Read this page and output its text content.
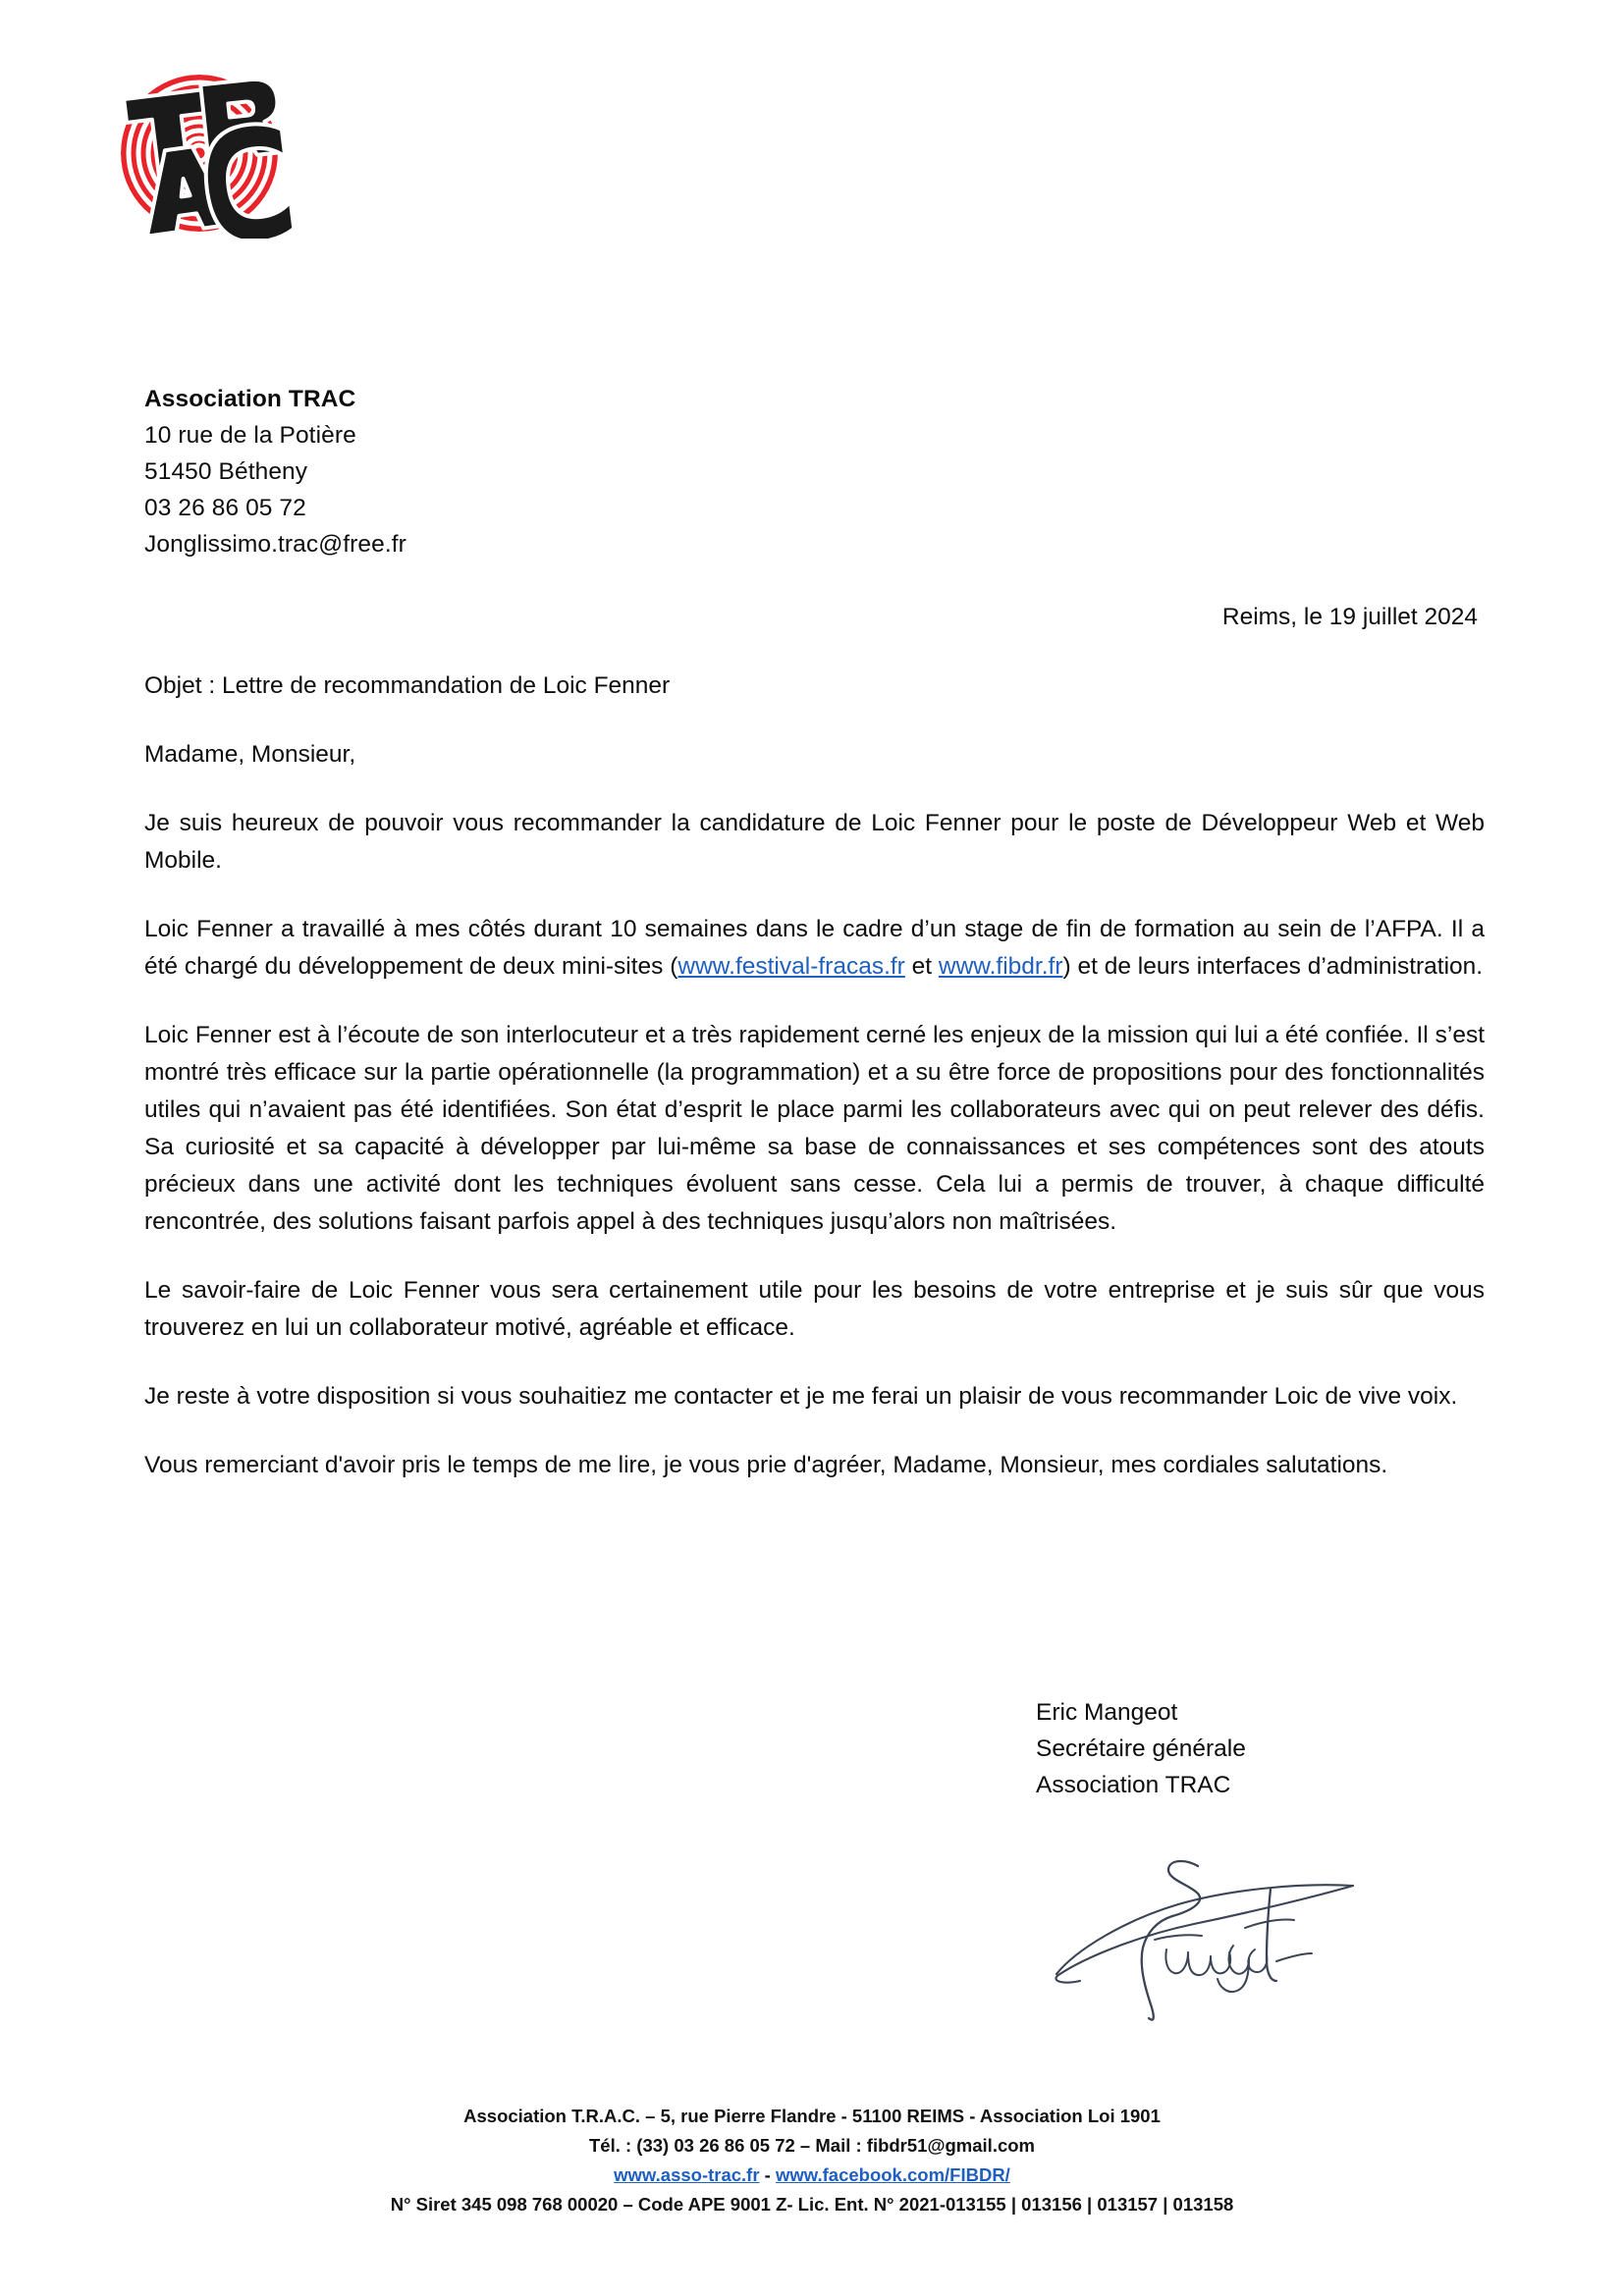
Association TRAC
10 rue de la Potière
51450 Bétheny
03 26 86 05 72
Jonglissimo.trac@free.fr
Reims, le 19 juillet 2024

Objet : Lettre de recommandation de Loic Fenner

Madame, Monsieur,

Je suis heureux de pouvoir vous recommander la candidature de Loic Fenner pour le poste de Développeur Web et Web Mobile.

Loic Fenner a travaillé à mes côtés durant 10 semaines dans le cadre d’un stage de fin de formation au sein de l’AFPA. Il a été chargé du développement de deux mini-sites (www.festival-fracas.fr et www.fibdr.fr) et de leurs interfaces d’administration.

Loic Fenner est à l’écoute de son interlocuteur et a très rapidement cerné les enjeux de la mission qui lui a été confiée. Il s’est montré très efficace sur la partie opérationnelle (la programmation) et a su être force de propositions pour des fonctionnalités utiles qui n’avaient pas été identifiées. Son état d’esprit le place parmi les collaborateurs avec qui on peut relever des défis. Sa curiosité et sa capacité à développer par lui-même sa base de connaissances et ses compétences sont des atouts précieux dans une activité dont les techniques évoluent sans cesse. Cela lui a permis de trouver, à chaque difficulté rencontrée, des solutions faisant parfois appel à des techniques jusqu’alors non maîtrisées.

Le savoir-faire de Loic Fenner vous sera certainement utile pour les besoins de votre entreprise et je suis sûr que vous trouverez en lui un collaborateur motivé, agréable et efficace.

Je reste à votre disposition si vous souhaitiez me contacter et je me ferai un plaisir de vous recommander Loic de vive voix.

Vous remerciant d'avoir pris le temps de me lire, je vous prie d'agréer, Madame, Monsieur, mes cordiales salutations.

Eric Mangeot
Secrétaire générale
Association TRAC
Association T.R.A.C. – 5, rue Pierre Flandre - 51100 REIMS - Association Loi 1901
Tél. : (33) 03 26 86 05 72 – Mail : fibdr51@gmail.com
www.asso-trac.fr - www.facebook.com/FIBDR/
N° Siret 345 098 768 00020 – Code APE 9001 Z- Lic. Ent. N° 2021-013155 | 013156 | 013157 | 013158
